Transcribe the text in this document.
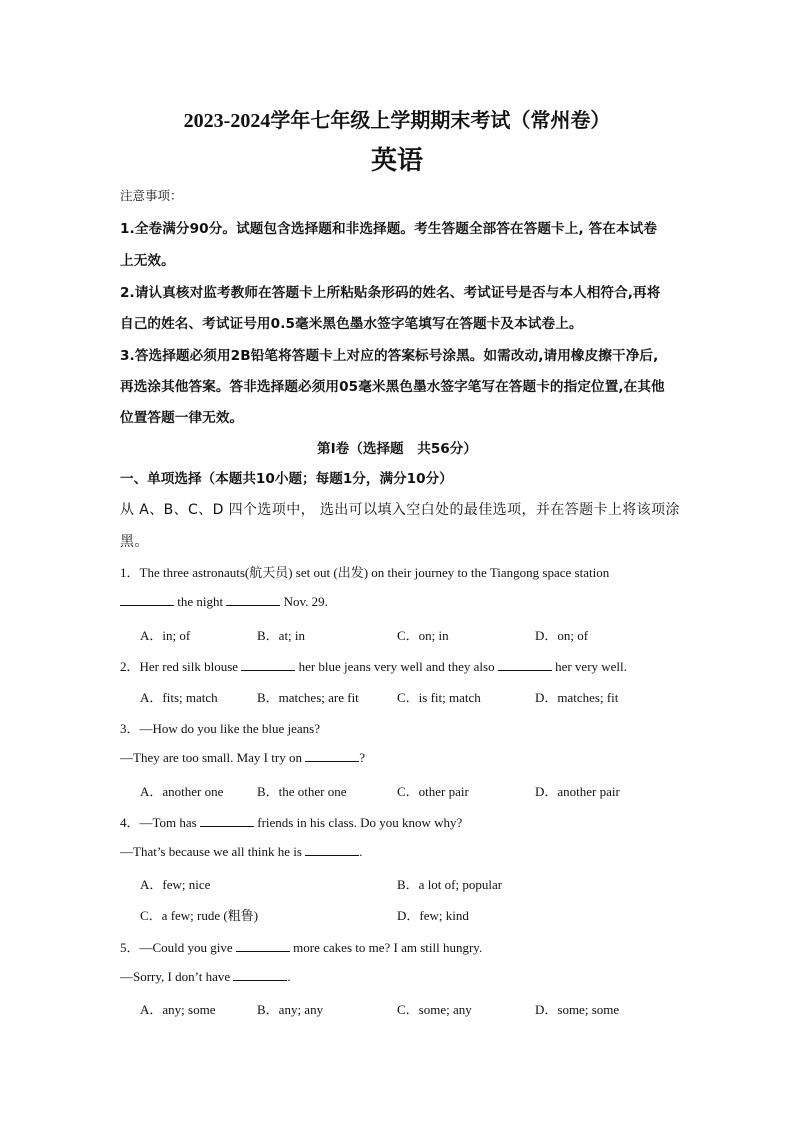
2023-2024学年七年级上学期期末考试（常州卷）
英语
注意事项：
1.全卷满分90分。试题包含选择题和非选择题。考生答题全部答在答题卡上, 答在本试卷
上无效。
2.请认真核对监考教师在答题卡上所粘贴条形码的姓名、考试证号是否与本人相符合,再将
自己的姓名、考试证号用0.5毫米黑色墨水签字笔填写在答题卡及本试卷上。
3.答选择题必须用2B铅笔将答题卡上对应的答案标号涂黑。如需改动,请用橡皮擦干净后,
再选涂其他答案。答非选择题必须用05毫米黑色墨水签字笔写在答题卡的指定位置,在其他
位置答题一律无效。
第I卷（选择题　共56分）
一、单项选择（本题共10小题；每题1分，满分10分）
从 A、B、C、D 四个选项中， 选出可以填入空白处的最佳选项，并在答题卡上将该项涂
黑。
1．The three astronauts(航天员) set out (出发) on their journey to the Tiangong space station
the night	Nov. 29.
A．in; of	B．at; in	C．on; in	D．on; of
2．Her red silk blouse	her blue jeans very well and they also	her very well.
A．fits; match	B．matches; are fit	C．is fit; match	D．matches; fit
3．—How do you like the blue jeans?
—They are too small. May I try on	?
A．another one	B．the other one	C．other pair	D．another pair
4．—Tom has	friends in his class. Do you know why?
—That’s because we all think he is	.
A．few; nice	B．a lot of; popular
C．a few; rude (粗鲁)	D．few; kind
5．—Could you give	more cakes to me? I am still hungry.
—Sorry, I don’t have	.
A．any; some	B．any; any	C．some; any	D．some; some
